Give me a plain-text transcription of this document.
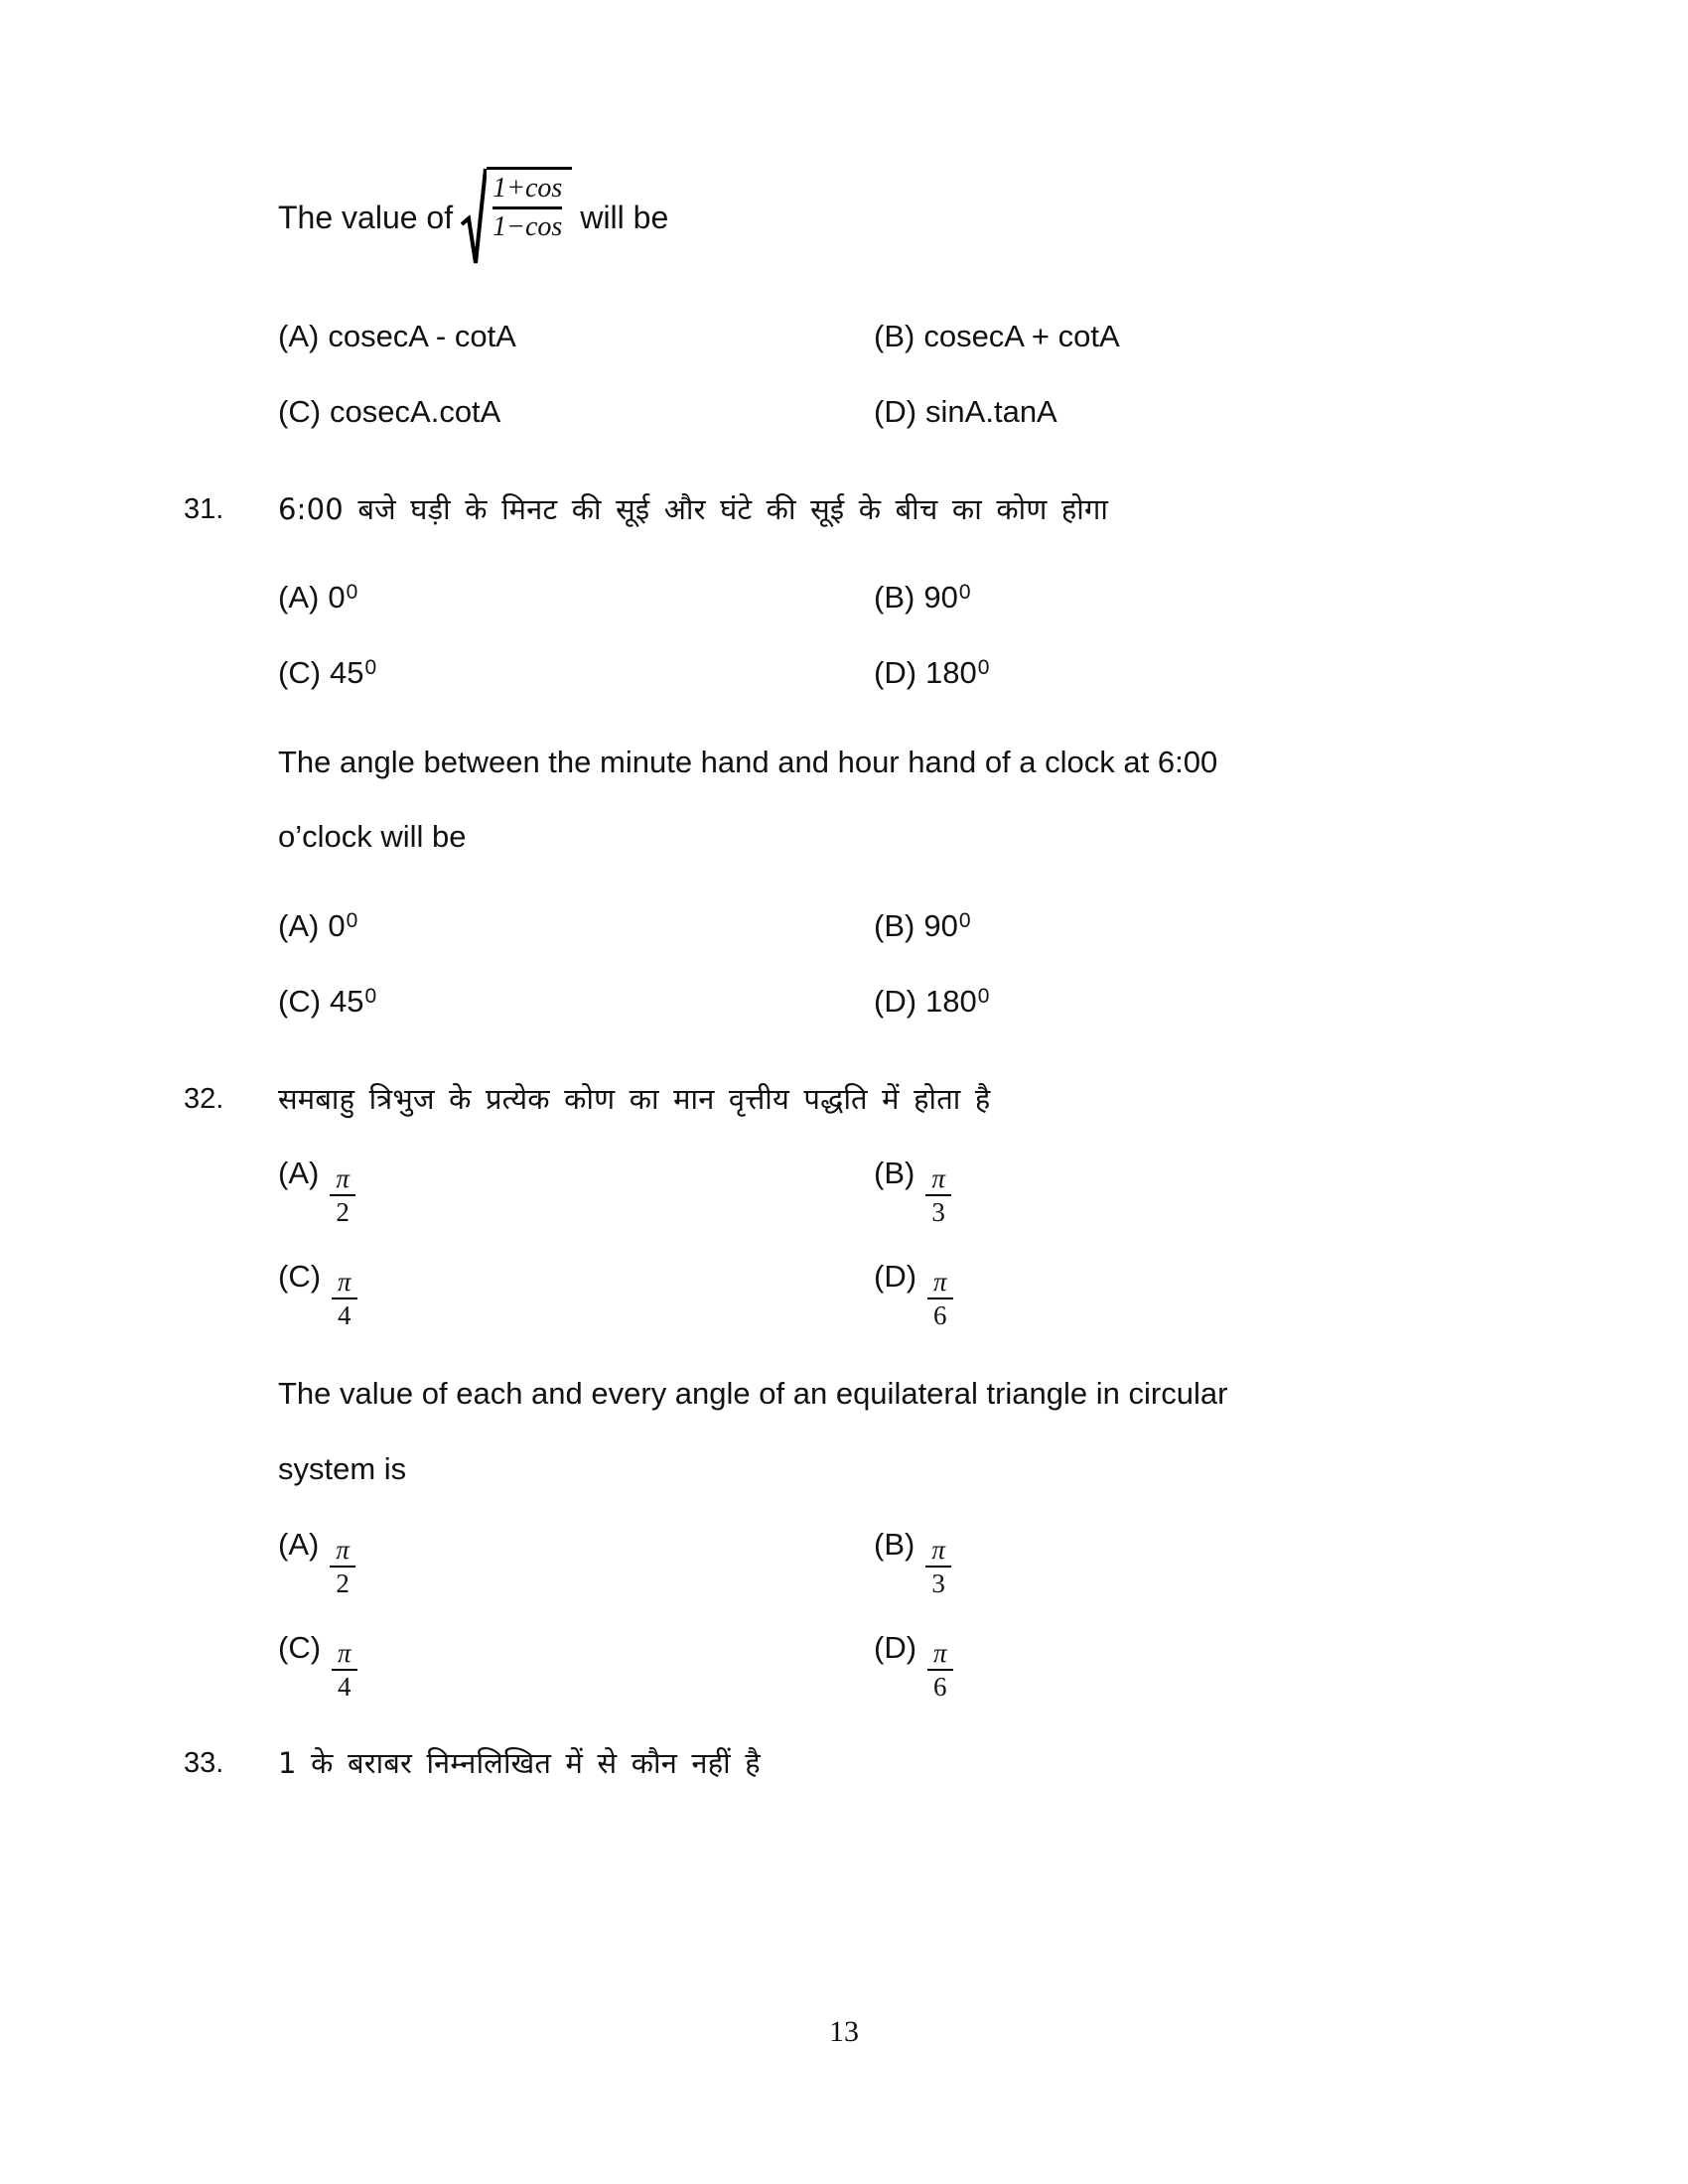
The value of $\frac{1+\cos}{1-\cos}$ will be
(A) cosecA - cotA	(B) cosecA + cotA
(C) cosecA.cotA	(D) sinA.tanA
31.	6:00 बजे घड़ी के मिनट की सूई और घंटे की सूई के बीच का कोण होगा
(A) 0 0	(B) 90 0
(C) 45 0	(D) 180 0
The angle between the minute hand and hour hand of a clock at 6:00
o’clock will be
(A) 0 0	(B) 90 0
(C) 45 0	(D) 180 0
32.	समबाहु त्रिभुज के प्रत्येक कोण का मान वृत्तीय पद्धति में होता है
$(A) \frac{\pi}{2}$	$(B) \frac{\pi}{3}$
$(C) \frac{\pi}{4}$	$(D) \frac{\pi}{6}$
The value of each and every angle of an equilateral triangle in circular
system is
$(A) \frac{\pi}{2}$	$(B) \frac{\pi}{3}$
$(C) \frac{\pi}{4}$	$(D) \frac{\pi}{6}$
33.	1 के बराबर निम्नलिखित में से कौन नहीं है
13
